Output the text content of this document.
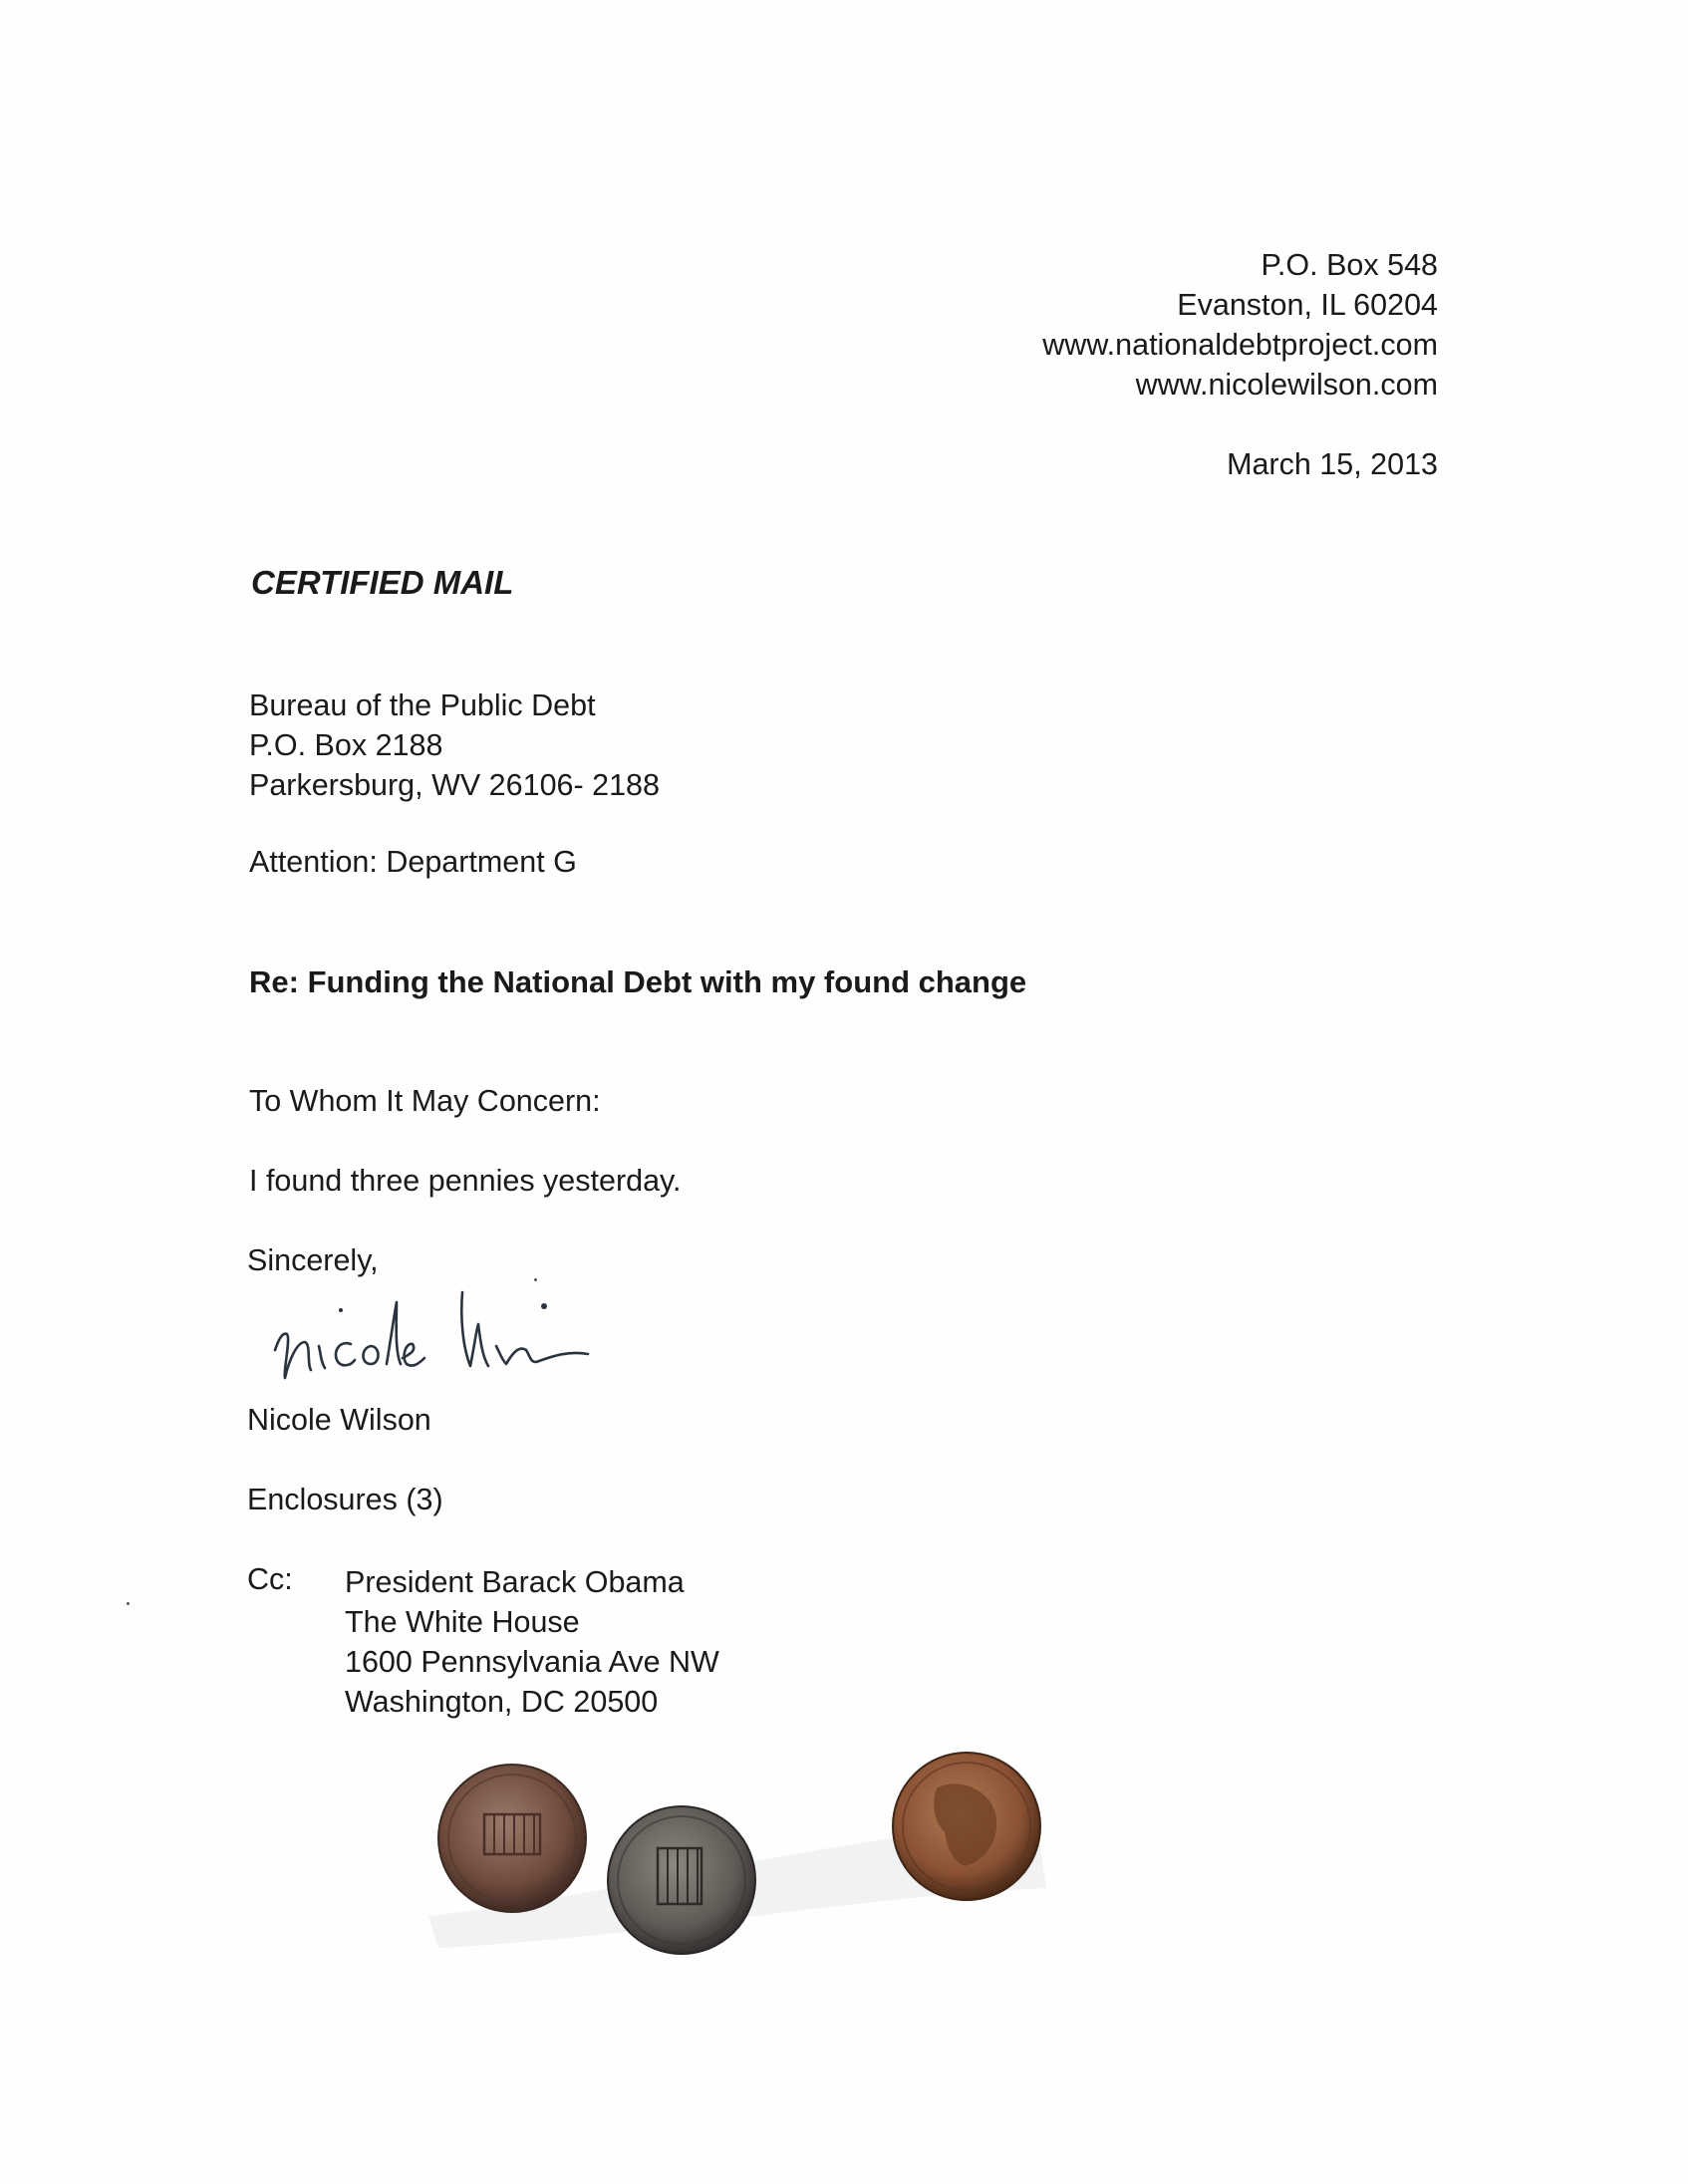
P.O. Box 548
Evanston, IL 60204
www.nationaldebtproject.com
www.nicolewilson.com
March 15, 2013
CERTIFIED MAIL
Bureau of the Public Debt
P.O. Box 2188
Parkersburg, WV 26106- 2188
Attention: Department G
Re: Funding the National Debt with my found change
To Whom It May Concern:
I found three pennies yesterday.
Sincerely,
Nicole Wilson
Enclosures (3)
Cc: President Barack Obama
The White House
1600 Pennsylvania Ave NW
Washington, DC 20500
